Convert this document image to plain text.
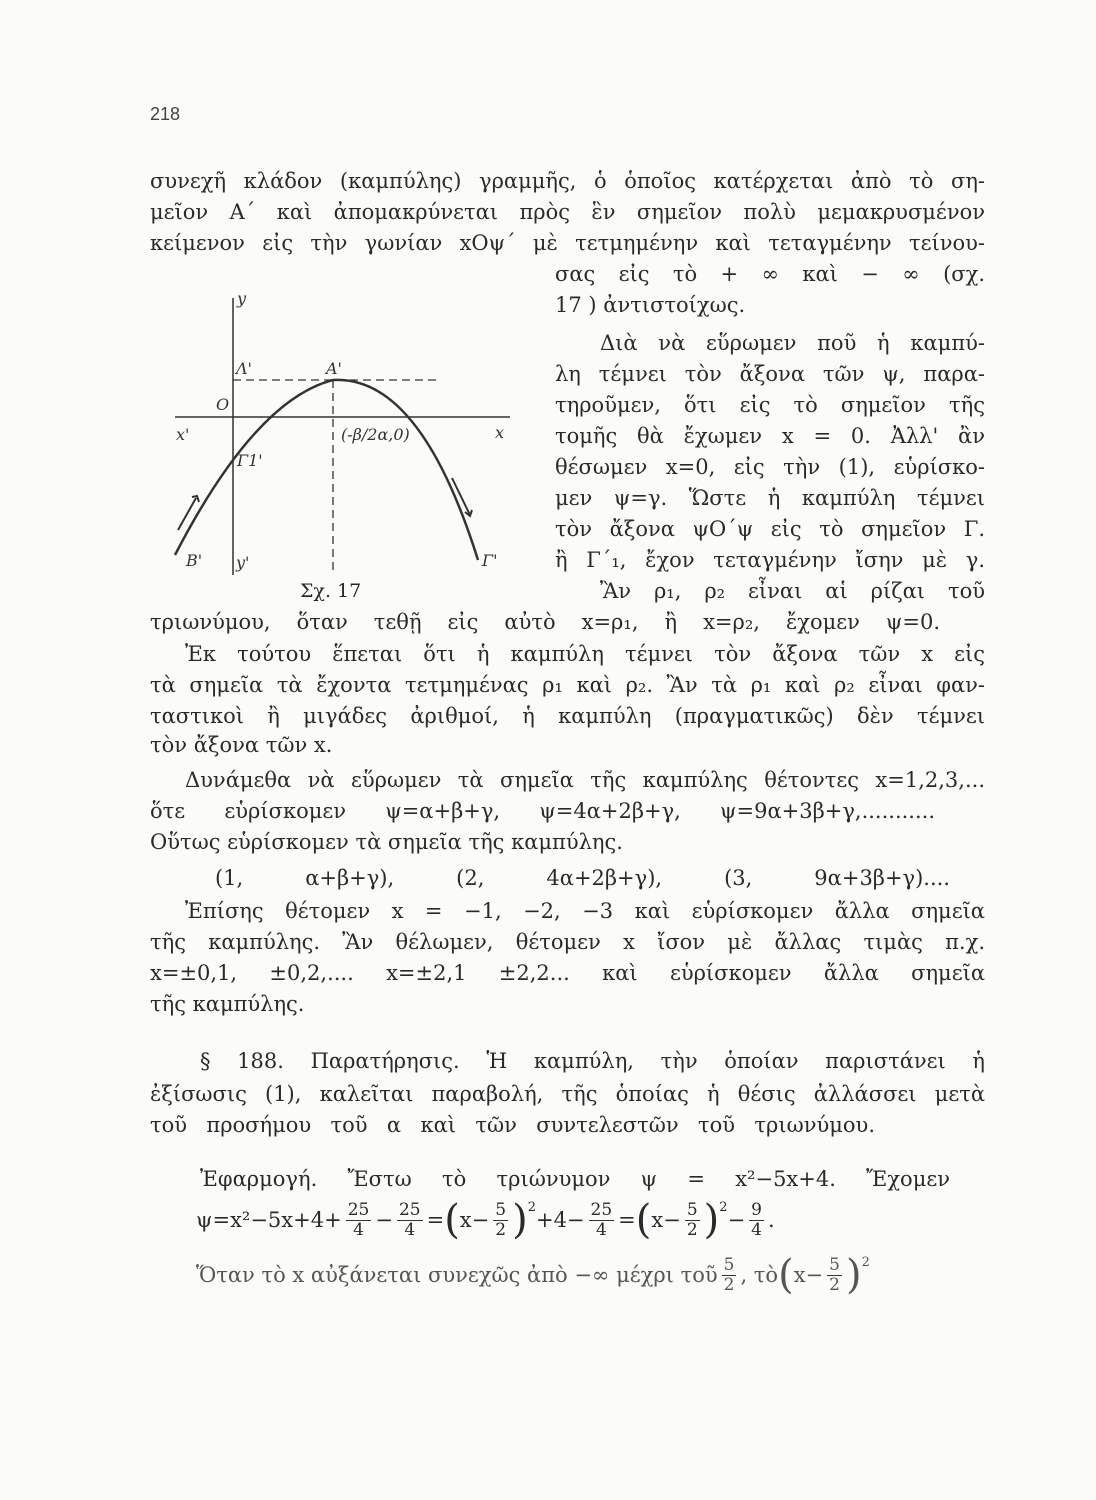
218
y
Λ'	A'
O
x'	x
(-β/2α,0)
Γ1'
B' y'	Γ'
Σχ. 17
συνεχῆ κλάδον (καμπύλης) γραμμῆς, ὁ ὁποῖος κατέρχεται ἀπὸ τὸ ση-
μεῖον Α΄ καὶ ἀπομακρύνεται πρὸς ἓν σημεῖον πολὺ μεμακρυσμένον
κείμενον εἰς τὴν γωνίαν xOψ΄ μὲ τετμημένην καὶ τεταγμένην τείνου-
σας εἰς τὸ + ∞ καὶ − ∞ (σχ.
17 ) ἀντιστοίχως.
Διὰ νὰ εὕρωμεν ποῦ ἡ καμπύ-
λη τέμνει τὸν ἄξονα τῶν ψ, παρα-
τηροῦμεν, ὅτι εἰς τὸ σημεῖον τῆς
τομῆς θὰ ἔχωμεν x = 0. Ἀλλ' ἂν
θέσωμεν x=0, εἰς τὴν (1), εὑρίσκο-
μεν ψ=γ. Ὥστε ἡ καμπύλη τέμνει
τὸν ἄξονα ψΟ΄ψ εἰς τὸ σημεῖον Γ.
ἢ Γ΄₁, ἔχον τεταγμένην ἴσην μὲ γ.
Ἂν ρ₁, ρ₂ εἶναι αἱ ρίζαι τοῦ
τριωνύμου, ὅταν τεθῇ εἰς αὐτὸ x=ρ₁, ἢ x=ρ₂, ἔχομεν ψ=0.
Ἐκ τούτου ἕπεται ὅτι ἡ καμπύλη τέμνει τὸν ἄξονα τῶν x εἰς
τὰ σημεῖα τὰ ἔχοντα τετμημένας ρ₁ καὶ ρ₂. Ἂν τὰ ρ₁ καὶ ρ₂ εἶναι φαν-
ταστικοὶ ἢ μιγάδες ἀριθμοί, ἡ καμπύλη (πραγματικῶς) δὲν τέμνει
τὸν ἄξονα τῶν x.
Δυνάμεθα νὰ εὕρωμεν τὰ σημεῖα τῆς καμπύλης θέτοντες x=1,2,3,...
ὅτε εὑρίσκομεν ψ=α+β+γ, ψ=4α+2β+γ, ψ=9α+3β+γ,...........
Οὕτως εὑρίσκομεν τὰ σημεῖα τῆς καμπύλης.
(1, α+β+γ), (2, 4α+2β+γ), (3, 9α+3β+γ)....
Ἐπίσης θέτομεν x = −1, −2, −3 καὶ εὑρίσκομεν ἄλλα σημεῖα
τῆς καμπύλης. Ἂν θέλωμεν, θέτομεν x ἴσον μὲ ἄλλας τιμὰς π.χ.
x=±0,1, ±0,2,.... x=±2,1 ±2,2... καὶ εὑρίσκομεν ἄλλα σημεῖα
τῆς καμπύλης.
§ 188. Παρατήρησις. Ἡ καμπύλη, τὴν ὁποίαν παριστάνει ἡ
ἐξίσωσις (1), καλεῖται παραβολή, τῆς ὁποίας ἡ θέσις ἀλλάσσει μετὰ
τοῦ προσήμου τοῦ α καὶ τῶν συντελεστῶν τοῦ τριωνύμου.
Ἐφαρμογή. Ἔστω τὸ τριώνυμον ψ = x²−5x+4. Ἔχομεν
$\psi=x^2-5x+4+ \frac{25}{4} - \frac{25}{4}$ = ( $x- \frac{5}{2} )^2$
$+4- \frac{25}{4}$ = ( $x- \frac{5}{2} )^2$
− $\frac{9}{4}$ .
Ὅταν τὸ x αὐξάνεται συνεχῶς ἀπὸ −∞ μέχρι τοῦ 5
2 , τὸ ( $x- \frac{5}{2} )^2$
